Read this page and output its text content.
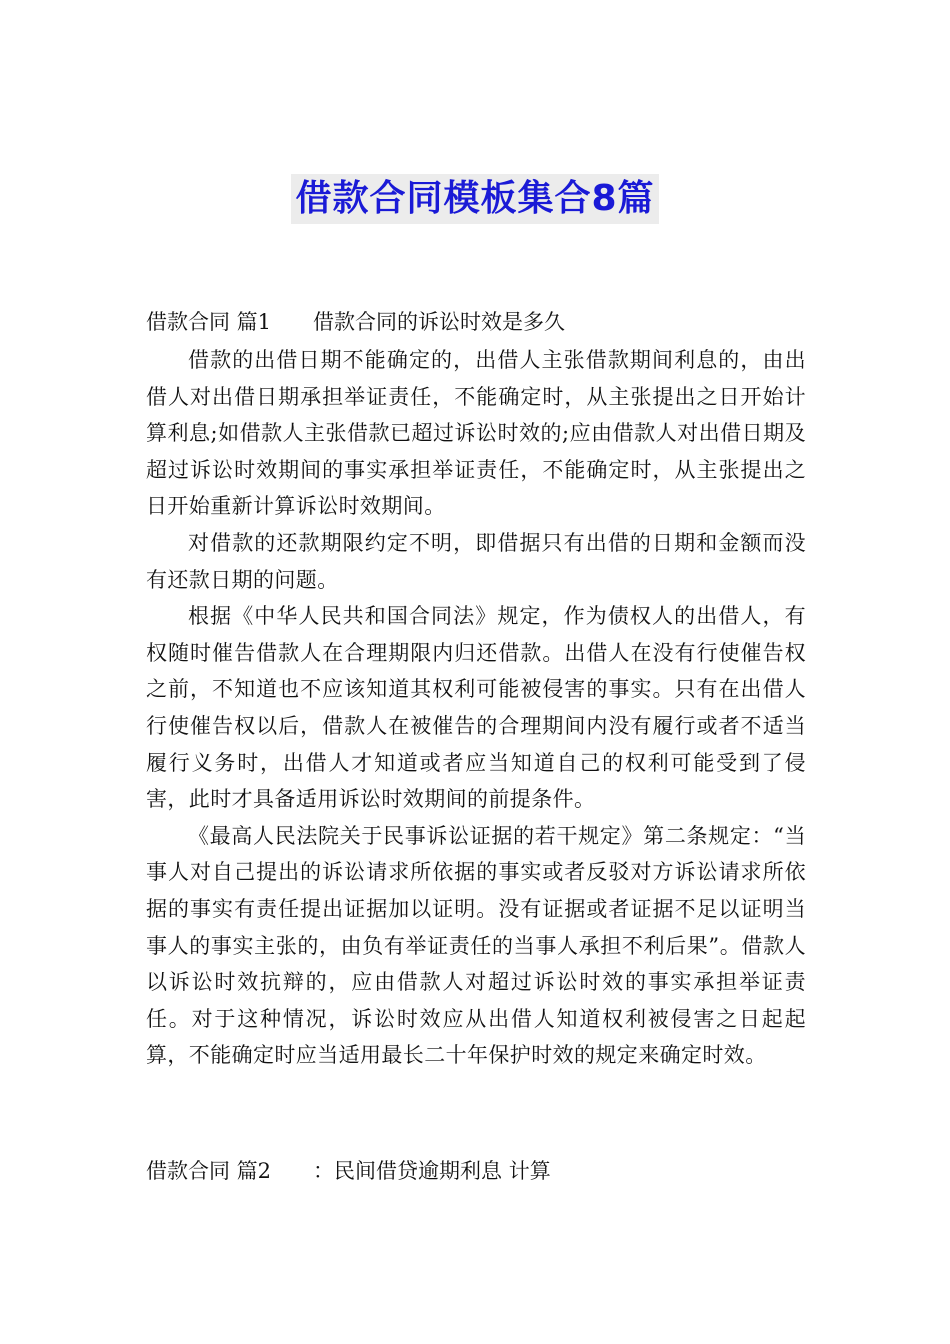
借款合同模板集合8篇
借款合同 篇1　　借款合同的诉讼时效是多久

借款的出借日期不能确定的，出借人主张借款期间利息的，由出借人对出借日期承担举证责任，不能确定时，从主张提出之日开始计算利息;如借款人主张借款已超过诉讼时效的;应由借款人对出借日期及超过诉讼时效期间的事实承担举证责任，不能确定时，从主张提出之日开始重新计算诉讼时效期间。

对借款的还款期限约定不明，即借据只有出借的日期和金额而没有还款日期的问题。

根据《中华人民共和国合同法》规定，作为债权人的出借人，有权随时催告借款人在合理期限内归还借款。出借人在没有行使催告权之前，不知道也不应该知道其权利可能被侵害的事实。只有在出借人行使催告权以后，借款人在被催告的合理期间内没有履行或者不适当履行义务时，出借人才知道或者应当知道自己的权利可能受到了侵害，此时才具备适用诉讼时效期间的前提条件。

《最高人民法院关于民事诉讼证据的若干规定》第二条规定：“当事人对自己提出的诉讼请求所依据的事实或者反驳对方诉讼请求所依据的事实有责任提出证据加以证明。没有证据或者证据不足以证明当事人的事实主张的，由负有举证责任的当事人承担不利后果”。借款人以诉讼时效抗辩的，应由借款人对超过诉讼时效的事实承担举证责任。对于这种情况，诉讼时效应从出借人知道权利被侵害之日起起算，不能确定时应当适用最长二十年保护时效的规定来确定时效。

借款合同 篇2　　：民间借贷逾期利息 计算
